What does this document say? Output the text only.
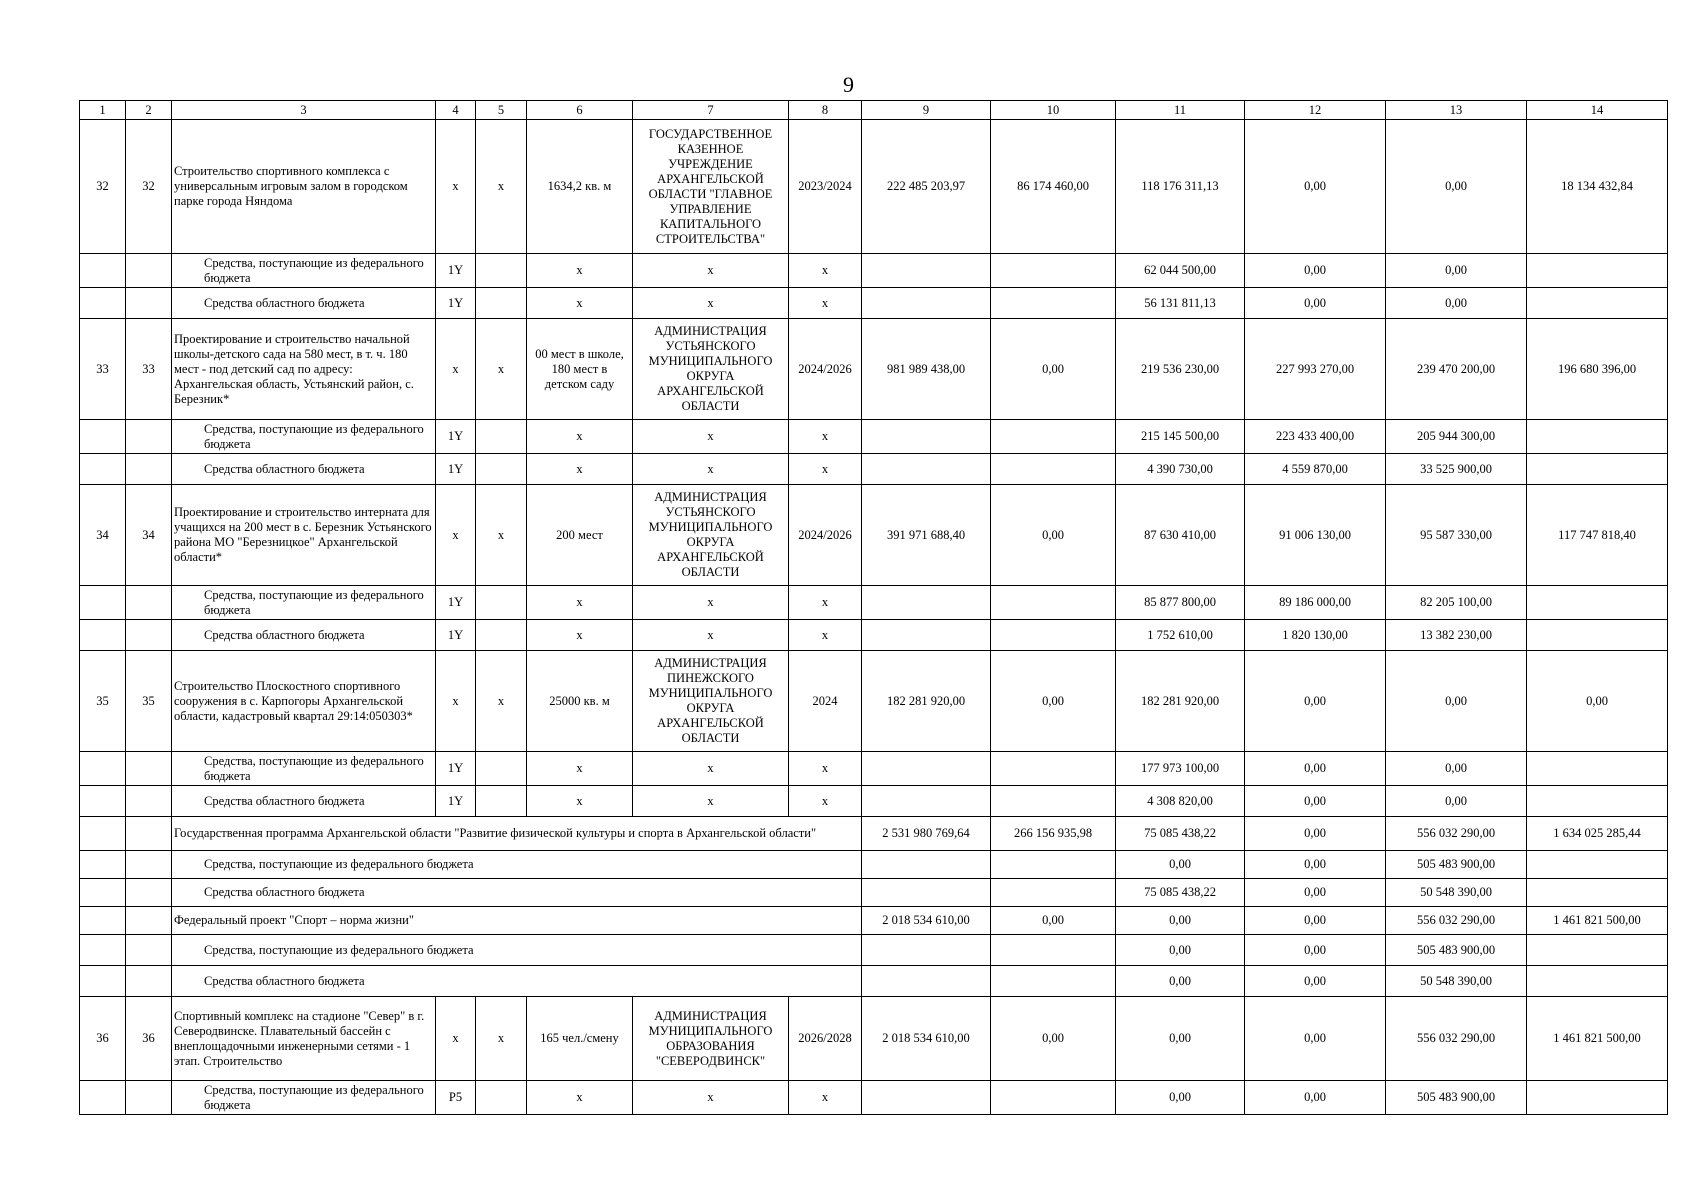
9
1	2	3	4	5	6	7	8	9	10	11	12	13	14
32	32	Строительство спортивного комплекса с универсальным игровым залом в городском парке города Няндома	х	х	1634,2 кв. м	ГОСУДАРСТВЕННОЕ КАЗЕННОЕ УЧРЕЖДЕНИЕ АРХАНГЕЛЬСКОЙ ОБЛАСТИ "ГЛАВНОЕ УПРАВЛЕНИЕ КАПИТАЛЬНОГО СТРОИТЕЛЬСТВА"	2023/2024	222 485 203,97	86 174 460,00	118 176 311,13	0,00	0,00	18 134 432,84
		Средства, поступающие из федерального бюджета	1Y		х	х	х			62 044 500,00	0,00	0,00	
		Средства областного бюджета	1Y		х	х	х			56 131 811,13	0,00	0,00	
33	33	Проектирование и строительство начальной школы-детского сада на 580 мест, в т. ч. 180 мест - под детский сад по адресу: Архангельская область, Устьянский район, с. Березник*	х	х	00 мест в школе, 180 мест в детском саду	АДМИНИСТРАЦИЯ УСТЬЯНСКОГО МУНИЦИПАЛЬНОГО ОКРУГА АРХАНГЕЛЬСКОЙ ОБЛАСТИ	2024/2026	981 989 438,00	0,00	219 536 230,00	227 993 270,00	239 470 200,00	196 680 396,00
		Средства, поступающие из федерального бюджета	1Y		х	х	х			215 145 500,00	223 433 400,00	205 944 300,00	
		Средства областного бюджета	1Y		х	х	х			4 390 730,00	4 559 870,00	33 525 900,00	
34	34	Проектирование и строительство интерната для учащихся на 200 мест в с. Березник Устьянского района МО "Березницкое" Архангельской области*	х	х	200 мест	АДМИНИСТРАЦИЯ УСТЬЯНСКОГО МУНИЦИПАЛЬНОГО ОКРУГА АРХАНГЕЛЬСКОЙ ОБЛАСТИ	2024/2026	391 971 688,40	0,00	87 630 410,00	91 006 130,00	95 587 330,00	117 747 818,40
		Средства, поступающие из федерального бюджета	1Y		х	х	х			85 877 800,00	89 186 000,00	82 205 100,00	
		Средства областного бюджета	1Y		х	х	х			1 752 610,00	1 820 130,00	13 382 230,00	
35	35	Строительство Плоскостного спортивного сооружения в с. Карпогоры Архангельской области, кадастровый квартал 29:14:050303*	х	х	25000 кв. м	АДМИНИСТРАЦИЯ ПИНЕЖСКОГО МУНИЦИПАЛЬНОГО ОКРУГА АРХАНГЕЛЬСКОЙ ОБЛАСТИ	2024	182 281 920,00	0,00	182 281 920,00	0,00	0,00	0,00
		Средства, поступающие из федерального бюджета	1Y		х	х	х			177 973 100,00	0,00	0,00	
		Средства областного бюджета	1Y		х	х	х			4 308 820,00	0,00	0,00	
		Государственная программа Архангельской области "Развитие физической культуры и спорта в Архангельской области"						2 531 980 769,64	266 156 935,98	75 085 438,22	0,00	556 032 290,00	1 634 025 285,44
		Средства, поступающие из федерального бюджета								0,00	0,00	505 483 900,00	
		Средства областного бюджета								75 085 438,22	0,00	50 548 390,00	
		Федеральный проект "Спорт – норма жизни"						2 018 534 610,00	0,00	0,00	0,00	556 032 290,00	1 461 821 500,00
		Средства, поступающие из федерального бюджета								0,00	0,00	505 483 900,00	
		Средства областного бюджета								0,00	0,00	50 548 390,00	
36	36	Спортивный комплекс на стадионе "Север" в г. Северодвинске. Плавательный бассейн с внеплощадочными инженерными сетями - 1 этап. Строительство	х	х	165 чел./смену	АДМИНИСТРАЦИЯ МУНИЦИПАЛЬНОГО ОБРАЗОВАНИЯ "СЕВЕРОДВИНСК"	2026/2028	2 018 534 610,00	0,00	0,00	0,00	556 032 290,00	1 461 821 500,00
		Средства, поступающие из федерального бюджета	Р5		х	х	х			0,00	0,00	505 483 900,00	
